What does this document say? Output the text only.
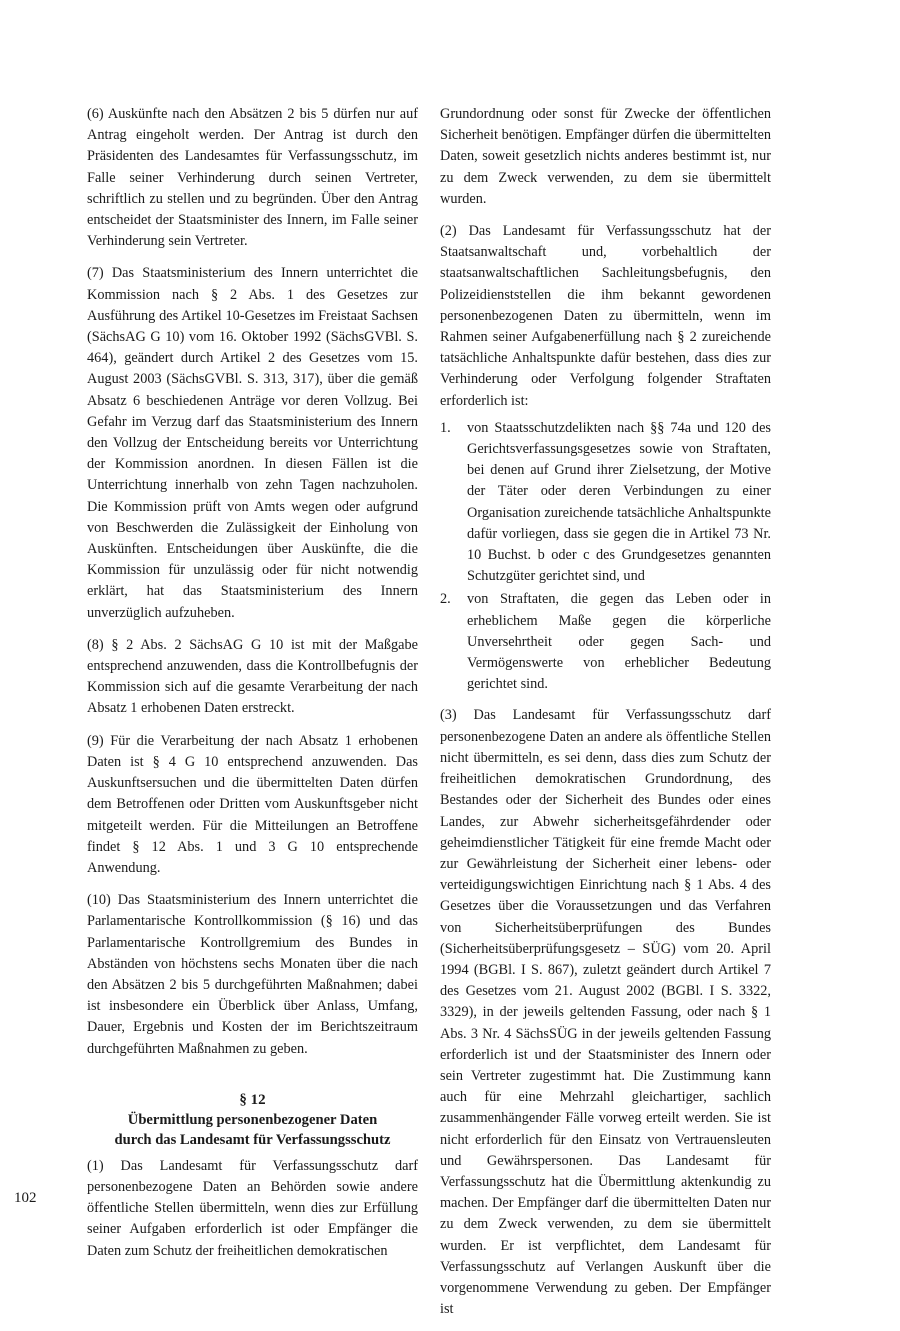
(6) Auskünfte nach den Absätzen 2 bis 5 dürfen nur auf Antrag eingeholt werden. Der Antrag ist durch den Präsidenten des Landesamtes für Verfassungsschutz, im Falle seiner Verhinderung durch seinen Vertreter, schriftlich zu stellen und zu begründen. Über den Antrag entscheidet der Staatsminister des Innern, im Falle seiner Verhinderung sein Vertreter.

(7) Das Staatsministerium des Innern unterrichtet die Kommission nach § 2 Abs. 1 des Gesetzes zur Ausführung des Artikel 10-Gesetzes im Freistaat Sachsen (SächsAG G 10) vom 16. Oktober 1992 (SächsGVBl. S. 464), geändert durch Artikel 2 des Gesetzes vom 15. August 2003 (SächsGVBl. S. 313, 317), über die gemäß Absatz 6 beschiedenen Anträge vor deren Vollzug. Bei Gefahr im Verzug darf das Staatsministerium des Innern den Vollzug der Entscheidung bereits vor Unterrichtung der Kommission anordnen. In diesen Fällen ist die Unterrichtung innerhalb von zehn Tagen nachzuholen. Die Kommission prüft von Amts wegen oder aufgrund von Beschwerden die Zulässigkeit der Einholung von Auskünften. Entscheidungen über Auskünfte, die die Kommission für unzulässig oder für nicht notwendig erklärt, hat das Staatsministerium des Innern unverzüglich aufzuheben.

(8) § 2 Abs. 2 SächsAG G 10 ist mit der Maßgabe entsprechend anzuwenden, dass die Kontrollbefugnis der Kommission sich auf die gesamte Verarbeitung der nach Absatz 1 erhobenen Daten erstreckt.

(9) Für die Verarbeitung der nach Absatz 1 erhobenen Daten ist § 4 G 10 entsprechend anzuwenden. Das Auskunftsersuchen und die übermittelten Daten dürfen dem Betroffenen oder Dritten vom Auskunftsgeber nicht mitgeteilt werden. Für die Mitteilungen an Betroffene findet § 12 Abs. 1 und 3 G 10 entsprechende Anwendung.

(10) Das Staatsministerium des Innern unterrichtet die Parlamentarische Kontrollkommission (§ 16) und das Parlamentarische Kontrollgremium des Bundes in Abständen von höchstens sechs Monaten über die nach den Absätzen 2 bis 5 durchgeführten Maßnahmen; dabei ist insbesondere ein Überblick über Anlass, Umfang, Dauer, Ergebnis und Kosten der im Berichtszeitraum durchgeführten Maßnahmen zu geben.

§ 12
Übermittlung personenbezogener Daten
durch das Landesamt für Verfassungsschutz

(1) Das Landesamt für Verfassungsschutz darf personenbezogene Daten an Behörden sowie andere öffentliche Stellen übermitteln, wenn dies zur Erfüllung seiner Aufgaben erforderlich ist oder Empfänger die Daten zum Schutz der freiheitlichen demokratischen

Grundordnung oder sonst für Zwecke der öffentlichen Sicherheit benötigen. Empfänger dürfen die übermittelten Daten, soweit gesetzlich nichts anderes bestimmt ist, nur zu dem Zweck verwenden, zu dem sie übermittelt wurden.

(2) Das Landesamt für Verfassungsschutz hat der Staatsanwaltschaft und, vorbehaltlich der staatsanwaltschaftlichen Sachleitungsbefugnis, den Polizeidienststellen die ihm bekannt gewordenen personenbezogenen Daten zu übermitteln, wenn im Rahmen seiner Aufgabenerfüllung nach § 2 zureichende tatsächliche Anhaltspunkte dafür bestehen, dass dies zur Verhinderung oder Verfolgung folgender Straftaten erforderlich ist:

1.	von Staatsschutzdelikten nach §§ 74a und 120 des Gerichtsverfassungsgesetzes sowie von Straftaten, bei denen auf Grund ihrer Zielsetzung, der Motive der Täter oder deren Verbindungen zu einer Organisation zureichende tatsächliche Anhaltspunkte dafür vorliegen, dass sie gegen die in Artikel 73 Nr. 10 Buchst. b oder c des Grundgesetzes genannten Schutzgüter gerichtet sind, und
2.	von Straftaten, die gegen das Leben oder in erheblichem Maße gegen die körperliche Unversehrtheit oder gegen Sach- und Vermögenswerte von erheblicher Bedeutung gerichtet sind.

(3) Das Landesamt für Verfassungsschutz darf personenbezogene Daten an andere als öffentliche Stellen nicht übermitteln, es sei denn, dass dies zum Schutz der freiheitlichen demokratischen Grundordnung, des Bestandes oder der Sicherheit des Bundes oder eines Landes, zur Abwehr sicherheitsgefährdender oder geheimdienstlicher Tätigkeit für eine fremde Macht oder zur Gewährleistung der Sicherheit einer lebens- oder verteidigungswichtigen Einrichtung nach § 1 Abs. 4 des Gesetzes über die Voraussetzungen und das Verfahren von Sicherheitsüberprüfungen des Bundes (Sicherheitsüberprüfungsgesetz – SÜG) vom 20. April 1994 (BGBl. I S. 867), zuletzt geändert durch Artikel 7 des Gesetzes vom 21. August 2002 (BGBl. I S. 3322, 3329), in der jeweils geltenden Fassung, oder nach § 1 Abs. 3 Nr. 4 SächsSÜG in der jeweils geltenden Fassung erforderlich ist und der Staatsminister des Innern oder sein Vertreter zugestimmt hat. Die Zustimmung kann auch für eine Mehrzahl gleichartiger, sachlich zusammenhängender Fälle vorweg erteilt werden. Sie ist nicht erforderlich für den Einsatz von Vertrauensleuten und Gewährspersonen. Das Landesamt für Verfassungsschutz hat die Übermittlung aktenkundig zu machen. Der Empfänger darf die übermittelten Daten nur zu dem Zweck verwenden, zu dem sie übermittelt wurden. Er ist verpflichtet, dem Landesamt für Verfassungsschutz auf Verlangen Auskunft über die vorgenommene Verwendung zu geben. Der Empfänger ist

102
